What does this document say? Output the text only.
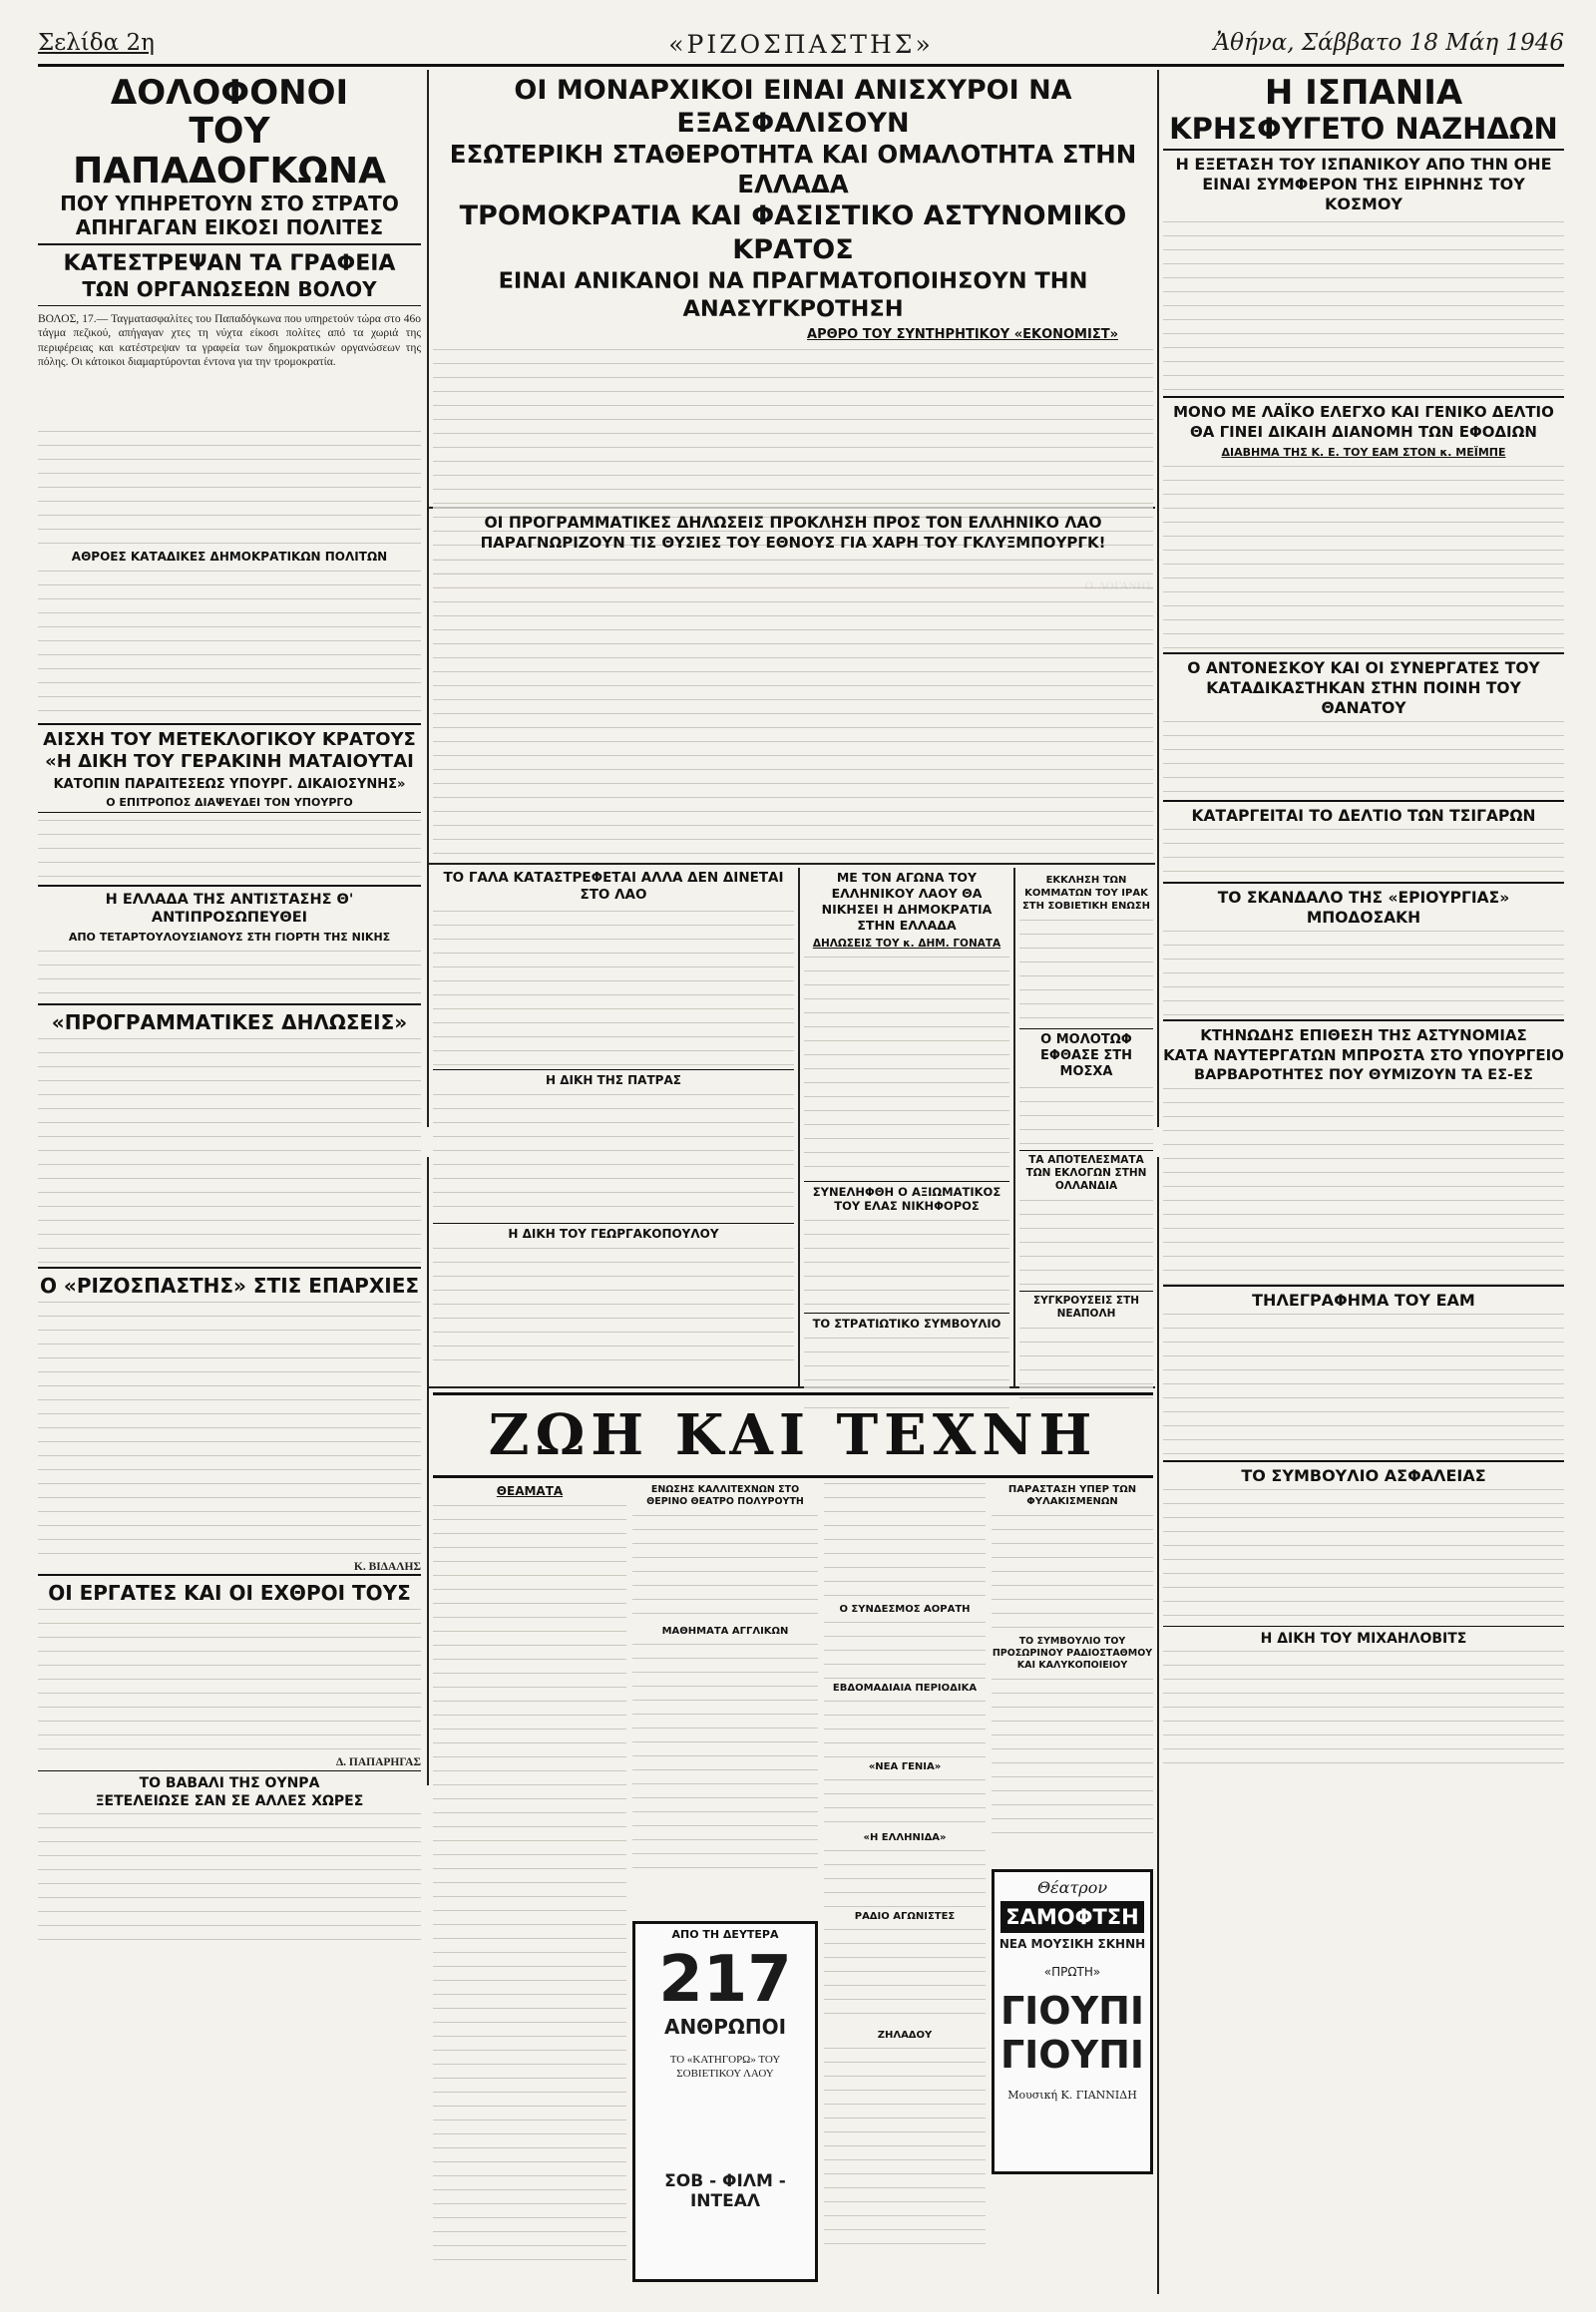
Σελίδα 2η	«ΡΙΖΟΣΠΑΣΤΗΣ»	Ἀθήνα, Σάββατο 18 Μάη 1946
ΔΟΛΟΦΟΝΟΙ
ΤΟΥ ΠΑΠΑΔΟΓΚΩΝΑ
ΠΟΥ ΥΠΗΡΕΤΟΥΝ ΣΤΟ ΣΤΡΑΤΟ
ΑΠΗΓΑΓΑΝ ΕΙΚΟΣΙ ΠΟΛΙΤΕΣ
ΚΑΤΕΣΤΡΕΨΑΝ ΤΑ ΓΡΑΦΕΙΑ
ΤΩΝ ΟΡΓΑΝΩΣΕΩΝ ΒΟΛΟΥ

ΒΟΛΟΣ, 17.— Ταγματασφαλίτες του Παπαδόγκωνα που υπηρετούν τώρα στο 46ο τάγμα πεζικού, απήγαγαν χτες τη νύχτα είκοσι πολίτες από τα χωριά της περιφέρειας και κατέστρεψαν τα γραφεία των δημοκρατικών οργανώσεων της πόλης. Οι κάτοικοι διαμαρτύρονται έντονα για την τρομοκρατία.

ΑΘΡΟΕΣ ΚΑΤΑΔΙΚΕΣ ΔΗΜΟΚΡΑΤΙΚΩΝ ΠΟΛΙΤΩΝ

ΑΙΣΧΗ ΤΟΥ ΜΕΤΕΚΛΟΓΙΚΟΥ ΚΡΑΤΟΥΣ
«Η ΔΙΚΗ ΤΟΥ ΓΕΡΑΚΙΝΗ ΜΑΤΑΙΟΥΤΑΙ

ΚΑΤΟΠΙΝ ΠΑΡΑΙΤΕΣΕΩΣ ΥΠΟΥΡΓ. ΔΙΚΑΙΟΣΥΝΗΣ»

Ο ΕΠΙΤΡΟΠΟΣ ΔΙΑΨΕΥΔΕΙ ΤΟΝ ΥΠΟΥΡΓΟ

Η ΕΛΛΑΔΑ ΤΗΣ ΑΝΤΙΣΤΑΣΗΣ Θ' ΑΝΤΙΠΡΟΣΩΠΕΥΘΕΙ

ΑΠΟ ΤΕΤΑΡΤΟΥΛΟΥΣΙΑΝΟΥΣ ΣΤΗ ΓΙΟΡΤΗ ΤΗΣ ΝΙΚΗΣ

«ΠΡΟΓΡΑΜΜΑΤΙΚΕΣ ΔΗΛΩΣΕΙΣ»
Ο «ΡΙΖΟΣΠΑΣΤΗΣ» ΣΤΙΣ ΕΠΑΡΧΙΕΣ

Κ. ΒΙΔΑΛΗΣ

ΟΙ ΕΡΓΑΤΕΣ ΚΑΙ ΟΙ ΕΧΘΡΟΙ ΤΟΥΣ

Δ. ΠΑΠΑΡΗΓΑΣ

ΤΟ ΒΑΒΑΛΙ ΤΗΣ ΟΥΝΡΑ
ΞΕΤΕΛΕΙΩΣΕ ΣΑΝ ΣΕ ΑΛΛΕΣ ΧΩΡΕΣ
ΟΙ ΜΟΝΑΡΧΙΚΟΙ ΕΙΝΑΙ ΑΝΙΣΧΥΡΟΙ ΝΑ ΕΞΑΣΦΑΛΙΣΟΥΝ
ΕΣΩΤΕΡΙΚΗ ΣΤΑΘΕΡΟΤΗΤΑ ΚΑΙ ΟΜΑΛΟΤΗΤΑ ΣΤΗΝ ΕΛΛΑΔΑ
ΤΡΟΜΟΚΡΑΤΙΑ ΚΑΙ ΦΑΣΙΣΤΙΚΟ ΑΣΤΥΝΟΜΙΚΟ ΚΡΑΤΟΣ
ΕΙΝΑΙ ΑΝΙΚΑΝΟΙ ΝΑ ΠΡΑΓΜΑΤΟΠΟΙΗΣΟΥΝ ΤΗΝ ΑΝΑΣΥΓΚΡΟΤΗΣΗ

ΑΡΘΡΟ ΤΟΥ ΣΥΝΤΗΡΗΤΙΚΟΥ «ΕΚΟΝΟΜΙΣΤ»

ΟΙ ΠΡΟΓΡΑΜΜΑΤΙΚΕΣ ΔΗΛΩΣΕΙΣ ΠΡΟΚΛΗΣΗ ΠΡΟΣ ΤΟΝ ΕΛΛΗΝΙΚΟ ΛΑΟ
ΠΑΡΑΓΝΩΡΙΖΟΥΝ ΤΙΣ ΘΥΣΙΕΣ ΤΟΥ ΕΘΝΟΥΣ ΓΙΑ ΧΑΡΗ ΤΟΥ ΓΚΛΥΞΜΠΟΥΡΓΚ!
ΤΟ ΓΑΛΑ ΚΑΤΑΣΤΡΕΦΕΤΑΙ ΑΛΛΑ ΔΕΝ ΔΙΝΕΤΑΙ ΣΤΟ ΛΑΟ

Η ΔΙΚΗ ΤΗΣ ΠΑΤΡΑΣ

Η ΔΙΚΗ ΤΟΥ ΓΕΩΡΓΑΚΟΠΟΥΛΟΥ

ΜΕ ΤΟΝ ΑΓΩΝΑ ΤΟΥ ΕΛΛΗΝΙΚΟΥ ΛΑΟΥ ΘΑ ΝΙΚΗΣΕΙ Η ΔΗΜΟΚΡΑΤΙΑ ΣΤΗΝ ΕΛΛΑΔΑ

ΔΗΛΩΣΕΙΣ ΤΟΥ κ. ΔΗΜ. ΓΟΝΑΤΑ

ΣΥΝΕΛΗΦΘΗ Ο ΑΞΙΩΜΑΤΙΚΟΣ ΤΟΥ ΕΛΑΣ ΝΙΚΗΦΟΡΟΣ

ΤΟ ΣΤΡΑΤΙΩΤΙΚΟ ΣΥΜΒΟΥΛΙΟ

ΕΚΚΛΗΣΗ ΤΩΝ ΚΟΜΜΑΤΩΝ ΤΟΥ ΙΡΑΚ ΣΤΗ ΣΟΒΙΕΤΙΚΗ ΕΝΩΣΗ

Ο ΜΟΛΟΤΩΦ ΕΦΘΑΣΕ ΣΤΗ ΜΟΣΧΑ

ΤΑ ΑΠΟΤΕΛΕΣΜΑΤΑ ΤΩΝ ΕΚΛΟΓΩΝ ΣΤΗΝ ΟΛΛΑΝΔΙΑ

ΣΥΓΚΡΟΥΣΕΙΣ ΣΤΗ ΝΕΑΠΟΛΗ

Η ΙΣΠΑΝΙΑ
ΚΡΗΣΦΥΓΕΤΟ ΝΑΖΗΔΩΝ
Η ΕΞΕΤΑΣΗ ΤΟΥ ΙΣΠΑΝΙΚΟΥ ΑΠΟ ΤΗΝ ΟΗΕ ΕΙΝΑΙ ΣΥΜΦΕΡΟΝ ΤΗΣ ΕΙΡΗΝΗΣ ΤΟΥ ΚΟΣΜΟΥ
ΜΟΝΟ ΜΕ ΛΑΪΚΟ ΕΛΕΓΧΟ ΚΑΙ ΓΕΝΙΚΟ ΔΕΛΤΙΟ
ΘΑ ΓΙΝΕΙ ΔΙΚΑΙΗ ΔΙΑΝΟΜΗ ΤΩΝ ΕΦΟΔΙΩΝ

ΔΙΑΒΗΜΑ ΤΗΣ Κ. Ε. ΤΟΥ ΕΑΜ ΣΤΟΝ κ. ΜΕΪΜΠΕ

Ο ΑΝΤΟΝΕΣΚΟΥ ΚΑΙ ΟΙ ΣΥΝΕΡΓΑΤΕΣ ΤΟΥ
ΚΑΤΑΔΙΚΑΣΤΗΚΑΝ ΣΤΗΝ ΠΟΙΝΗ ΤΟΥ ΘΑΝΑΤΟΥ
ΚΑΤΑΡΓΕΙΤΑΙ ΤΟ ΔΕΛΤΙΟ ΤΩΝ ΤΣΙΓΑΡΩΝ
ΤΟ ΣΚΑΝΔΑΛΟ ΤΗΣ «ΕΡΙΟΥΡΓΙΑΣ» ΜΠΟΔΟΣΑΚΗ
ΚΤΗΝΩΔΗΣ ΕΠΙΘΕΣΗ ΤΗΣ ΑΣΤΥΝΟΜΙΑΣ
ΚΑΤΑ ΝΑΥΤΕΡΓΑΤΩΝ ΜΠΡΟΣΤΑ ΣΤΟ ΥΠΟΥΡΓΕΙΟ
ΒΑΡΒΑΡΟΤΗΤΕΣ ΠΟΥ ΘΥΜΙΖΟΥΝ ΤΑ ΕΣ-ΕΣ
ΤΗΛΕΓΡΑΦΗΜΑ ΤΟΥ ΕΑΜ
ΤΟ ΣΥΜΒΟΥΛΙΟ ΑΣΦΑΛΕΙΑΣ
Η ΔΙΚΗ ΤΟΥ ΜΙΧΑΗΛΟΒΙΤΣ
ΖΩΗ ΚΑΙ ΤΕΧΝΗ

ΘΕΑΜΑΤΑ	ΕΝΩΣΗΣ ΚΑΛΛΙΤΕΧΝΩΝ ΣΤΟ ΘΕΡΙΝΟ ΘΕΑΤΡΟ ΠΟΛΥΡΟΥΤΗ

ΜΑΘΗΜΑΤΑ ΑΓΓΛΙΚΩΝ

ΑΠΟ ΤΗ ΔΕΥΤΕΡΑ

217
ΑΝΘΡΩΠΟΙ

ΤΟ «ΚΑΤΗΓΟΡΩ» ΤΟΥ ΣΟΒΙΕΤΙΚΟΥ ΛΑΟΥ

ΣΟΒ - ΦΙΛΜ - ΙΝΤΕΑΛ

Ο ΣΥΝΔΕΣΜΟΣ ΑΟΡΑΤΗ

ΕΒΔΟΜΑΔΙΑΙΑ ΠΕΡΙΟΔΙΚΑ

«ΝΕΑ ΓΕΝΙΑ»

«Η ΕΛΛΗΝΙΔΑ»

ΡΑΔΙΟ ΑΓΩΝΙΣΤΕΣ

ΖΗΛΑΔΟΥ

ΠΑΡΑΣΤΑΣΗ ΥΠΕΡ ΤΩΝ ΦΥΛΑΚΙΣΜΕΝΩΝ

ΤΟ ΣΥΜΒΟΥΛΙΟ ΤΟΥ ΠΡΟΣΩΡΙΝΟΥ ΡΑΔΙΟΣΤΑΘΜΟΥ ΚΑΙ ΚΑΛΥΚΟΠΟΙΕΙΟΥ

Θέατρον
ΣΑΜΟΦΤΣΗ
ΝΕΑ ΜΟΥΣΙΚΗ ΣΚΗΝΗ
«ΠΡΩΤΗ»
ΓΙΟΥΠΙ ΓΙΟΥΠΙ
Μουσική Κ. ΓΙΑΝΝΙΔΗ
